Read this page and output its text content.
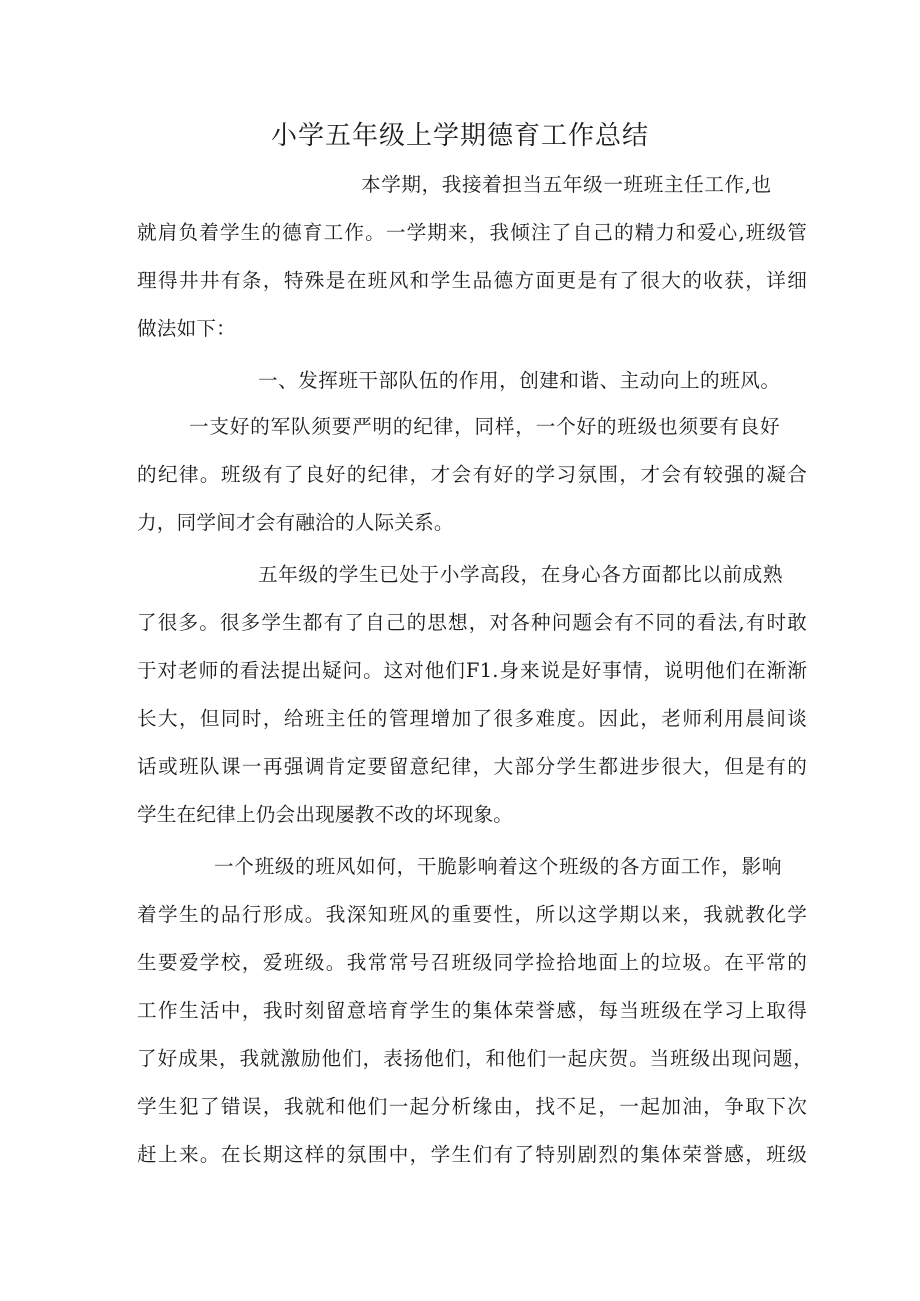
小学五年级上学期德育工作总结
本学期，我接着担当五年级一班班主任工作,也
就肩负着学生的德育工作。一学期来，我倾注了自己的精力和爱心,班级管
理得井井有条，特殊是在班风和学生品德方面更是有了很大的收获，详细
做法如下：
一、发挥班干部队伍的作用，创建和谐、主动向上的班风。
一支好的军队须要严明的纪律，同样，一个好的班级也须要有良好
的纪律。班级有了良好的纪律，才会有好的学习氛围，才会有较强的凝合
力，同学间才会有融洽的人际关系。
五年级的学生已处于小学高段，在身心各方面都比以前成熟
了很多。很多学生都有了自己的思想，对各种问题会有不同的看法,有时敢
于对老师的看法提出疑问。这对他们F1.身来说是好事情，说明他们在渐渐
长大，但同时，给班主任的管理增加了很多难度。因此，老师利用晨间谈
话或班队课一再强调肯定要留意纪律，大部分学生都进步很大，但是有的
学生在纪律上仍会出现屡教不改的坏现象。
一个班级的班风如何，干脆影响着这个班级的各方面工作，影响
着学生的品行形成。我深知班风的重要性，所以这学期以来，我就教化学
生要爱学校，爱班级。我常常号召班级同学捡拾地面上的垃圾。在平常的
工作生活中，我时刻留意培育学生的集体荣誉感，每当班级在学习上取得
了好成果，我就激励他们，表扬他们，和他们一起庆贺。当班级出现问题，
学生犯了错误，我就和他们一起分析缘由，找不足，一起加油，争取下次
赶上来。在长期这样的氛围中，学生们有了特别剧烈的集体荣誉感，班级
